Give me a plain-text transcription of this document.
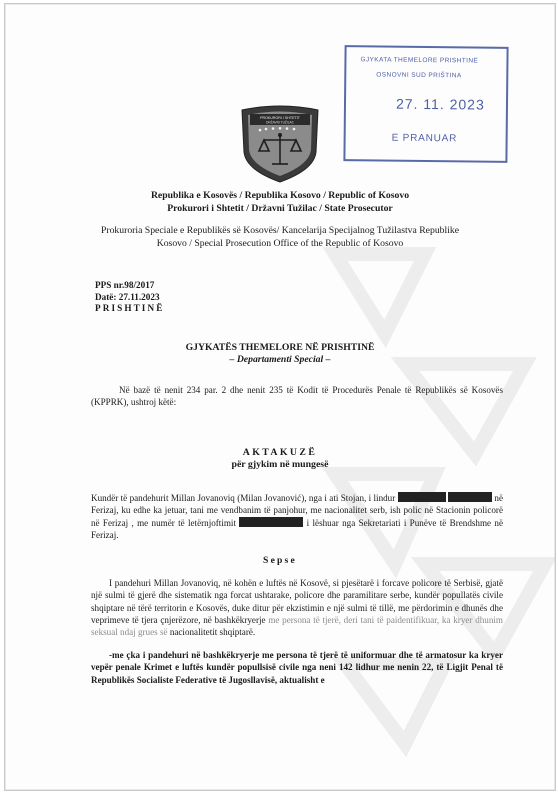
GJYKATA THEMELORE PRISHTINË
OSNOVNI SUD PRIŠTINA
27. 11. 2023
E PRANUAR
PROKURORI I SHTETIT
DRŽAVNI TUŽILAC
Republika e Kosovës / Republika Kosovo / Republic of Kosovo
Prokurori i Shtetit / Državni Tužilac / State Prosecutor
Prokuroria Speciale e Republikës së Kosovës/ Kancelarija Specijalnog Tužilastva Republike
Kosovo / Special Prosecution Office of the Republic of Kosovo
PPS nr.98/2017
Datë: 27.11.2023
PRISHTINË
GJYKATËS THEMELORE NË PRISHTINË
– Departamenti Special –
Në bazë të nenit 234 par. 2 dhe nenit 235 të Kodit të Procedurës Penale të Republikës së Kosovës (KPPRK), ushtroj këtë:
AKTAKUZË
për gjykim në mungesë
Kundër të pandehurit Millan Jovanoviq (Milan Jovanović), nga i ati Stojan, i lindur	në Ferizaj, ku edhe ka jetuar, tani me vendbanim të panjohur, me nacionalitet serb, ish polic në Stacionin policorë në Ferizaj , me numër të letërnjoftimit	i lëshuar nga Sekretariati i Punëve të Brendshme në Ferizaj.
Sepse
I pandehuri Millan Jovanoviq, në kohën e luftës në Kosovë, si pjesëtarë i forcave policore të Serbisë, gjatë një sulmi të gjerë dhe sistematik nga forcat ushtarake, policore dhe paramilitare serbe, kundër popullatës civile shqiptare në tërë territorin e Kosovës, duke ditur për ekzistimin e një sulmi të tillë, me përdorimin e dhunës dhe veprimeve të tjera çnjerëzore, në bashkëkryerje me persona të tjerë, deri tani të paidentifikuar, ka kryer dhunim seksual ndaj grues së nacionalitetit shqiptarë.
-me çka i pandehuri në bashkëkryerje me persona të tjerë të uniformuar dhe të armatosur ka kryer vepër penale Krimet e luftës kundër popullsisë civile nga neni 142 lidhur me nenin 22, të Ligjit Penal të Republikës Socialiste Federative të Jugosllavisë, aktualisht e
